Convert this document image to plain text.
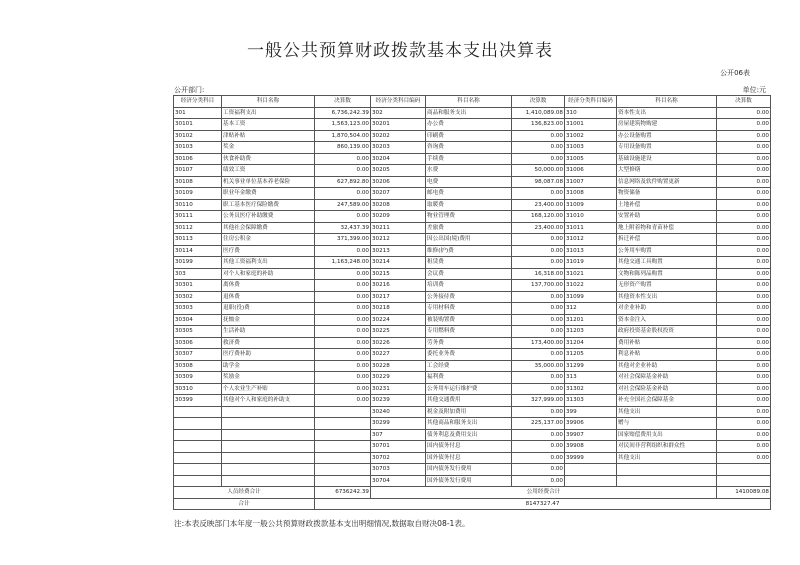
一般公共预算财政拨款基本支出决算表
公开06表
公开部门:	单位:元
经济分类科目	科目名称	决算数	经济分类科目编码	科目名称	决算数	经济分类科目编码	科目名称	决算数
301	工资福利支出	6,736,242.39	302	商品和服务支出	1,410,089.08	310	资本性支出	0.00
30101	基本工资	1,563,123.00	30201	办公费	136,823.00	31001	房屋建筑物购建	0.00
30102	津贴补贴	1,870,504.00	30202	印刷费	0.00	31002	办公设备购置	0.00
30103	奖金	860,139.00	30203	咨询费	0.00	31003	专用设备购置	0.00
30106	伙食补助费	0.00	30204	手续费	0.00	31005	基础设施建设	0.00
30107	绩效工资	0.00	30205	水费	50,000.00	31006	大型修缮	0.00
30108	机关事业单位基本养老保险	627,892.80	30206	电费	98,087.08	31007	信息网络及软件购置更新	0.00
30109	职业年金缴费	0.00	30207	邮电费	0.00	31008	物资储备	0.00
30110	职工基本医疗保险缴费	247,589.00	30208	取暖费	23,400.00	31009	土地补偿	0.00
30111	公务员医疗补助缴费	0.00	30209	物业管理费	168,120.00	31010	安置补助	0.00
30112	其他社会保障缴费	32,437.39	30211	差旅费	23,400.00	31011	地上附着物和青苗补偿	0.00
30113	住房公积金	371,399.00	30212	因公出国(境)费用	0.00	31012	拆迁补偿	0.00
30114	医疗费	0.00	30213	维修(护)费	0.00	31013	公务用车购置	0.00
30199	其他工资福利支出	1,163,248.00	30214	租赁费	0.00	31019	其他交通工具购置	0.00
303	对个人和家庭的补助	0.00	30215	会议费	16,318.00	31021	文物和陈列品购置	0.00
30301	离休费	0.00	30216	培训费	137,700.00	31022	无形资产购置	0.00
30302	退休费	0.00	30217	公务接待费	0.00	31099	其他资本性支出	0.00
30303	退职(役)费	0.00	30218	专用材料费	0.00	312	对企业补助	0.00
30304	抚恤金	0.00	30224	被装购置费	0.00	31201	资本金注入	0.00
30305	生活补助	0.00	30225	专用燃料费	0.00	31203	政府投资基金股权投资	0.00
30306	救济费	0.00	30226	劳务费	173,400.00	31204	费用补贴	0.00
30307	医疗费补助	0.00	30227	委托业务费	0.00	31205	利息补贴	0.00
30308	助学金	0.00	30228	工会经费	35,000.00	31299	其他对企业补助	0.00
30309	奖励金	0.00	30229	福利费	0.00	313	对社会保障基金补助	0.00
30310	个人农业生产补贴	0.00	30231	公务用车运行维护费	0.00	31302	对社会保险基金补助	0.00
30399	其他对个人和家庭的补助支	0.00	30239	其他交通费用	327,999.00	31303	补充全国社会保障基金	0.00
			30240	税金及附加费用	0.00	399	其他支出	0.00
			30299	其他商品和服务支出	225,137.00	39906	赠与	0.00
			307	债务利息及费用支出	0.00	39907	国家赔偿费用支出	0.00
			30701	国内债务付息	0.00	39908	对民间非营利组织和群众性	0.00
			30702	国外债务付息	0.00	39999	其他支出	0.00
			30703	国内债务发行费用	0.00			
			30704	国外债务发行费用	0.00			
人员经费合计		6736242.39	公用经费合计					1410089.08
合计		8147327.47						
注:本表反映部门本年度一般公共预算财政拨款基本支出明细情况,数据取自财决08-1表。
